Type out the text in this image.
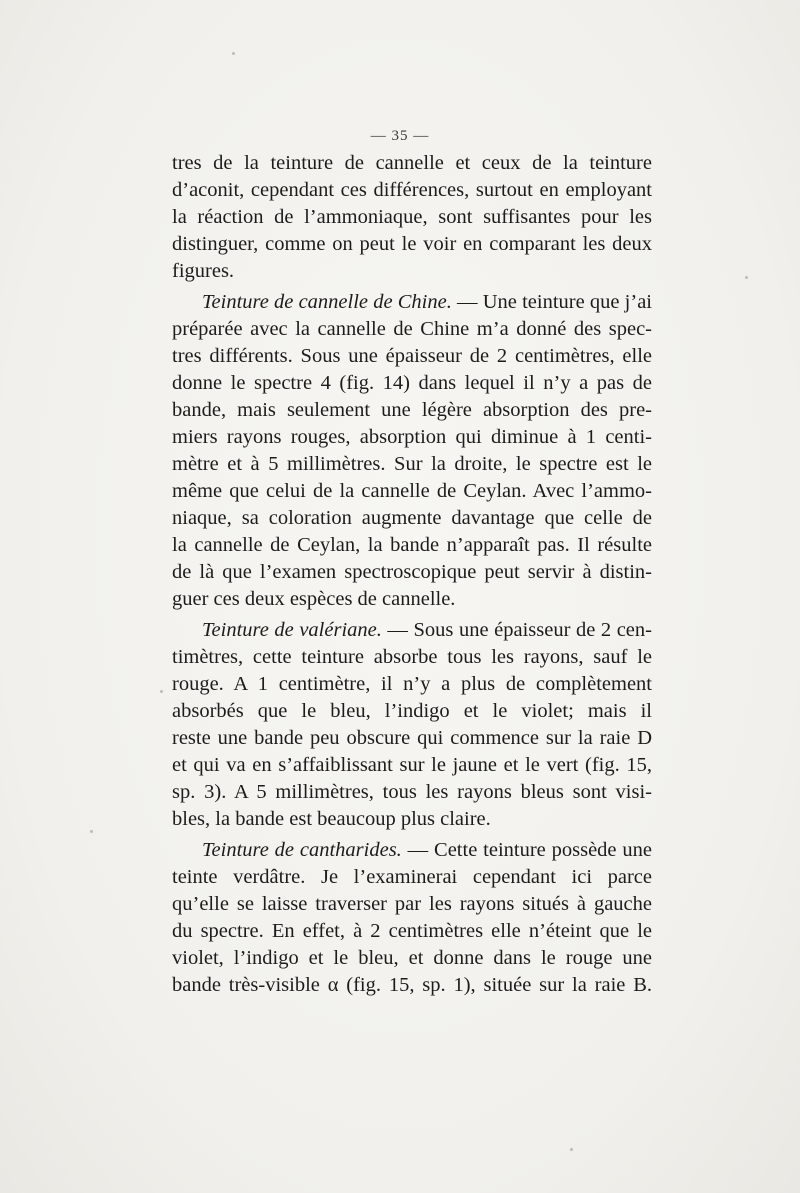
— 35 —
tres de la teinture de cannelle et ceux de la teinture
d’aconit, cependant ces différences, surtout en employant
la réaction de l’ammoniaque, sont suffisantes pour les
distinguer, comme on peut le voir en comparant les deux
figures.
Teinture de cannelle de Chine. — Une teinture que j’ai
préparée avec la cannelle de Chine m’a donné des spec-
tres différents. Sous une épaisseur de 2 centimètres, elle
donne le spectre 4 (fig. 14) dans lequel il n’y a pas de
bande, mais seulement une légère absorption des pre-
miers rayons rouges, absorption qui diminue à 1 centi-
mètre et à 5 millimètres. Sur la droite, le spectre est le
même que celui de la cannelle de Ceylan. Avec l’ammo-
niaque, sa coloration augmente davantage que celle de
la cannelle de Ceylan, la bande n’apparaît pas. Il résulte
de là que l’examen spectroscopique peut servir à distin-
guer ces deux espèces de cannelle.
Teinture de valériane. — Sous une épaisseur de 2 cen-
timètres, cette teinture absorbe tous les rayons, sauf le
rouge. A 1 centimètre, il n’y a plus de complètement
absorbés que le bleu, l’indigo et le violet; mais il
reste une bande peu obscure qui commence sur la raie D
et qui va en s’affaiblissant sur le jaune et le vert (fig. 15,
sp. 3). A 5 millimètres, tous les rayons bleus sont visi-
bles, la bande est beaucoup plus claire.
Teinture de cantharides. — Cette teinture possède une
teinte verdâtre. Je l’examinerai cependant ici parce
qu’elle se laisse traverser par les rayons situés à gauche
du spectre. En effet, à 2 centimètres elle n’éteint que le
violet, l’indigo et le bleu, et donne dans le rouge une
bande très-visible α (fig. 15, sp. 1), située sur la raie B.
